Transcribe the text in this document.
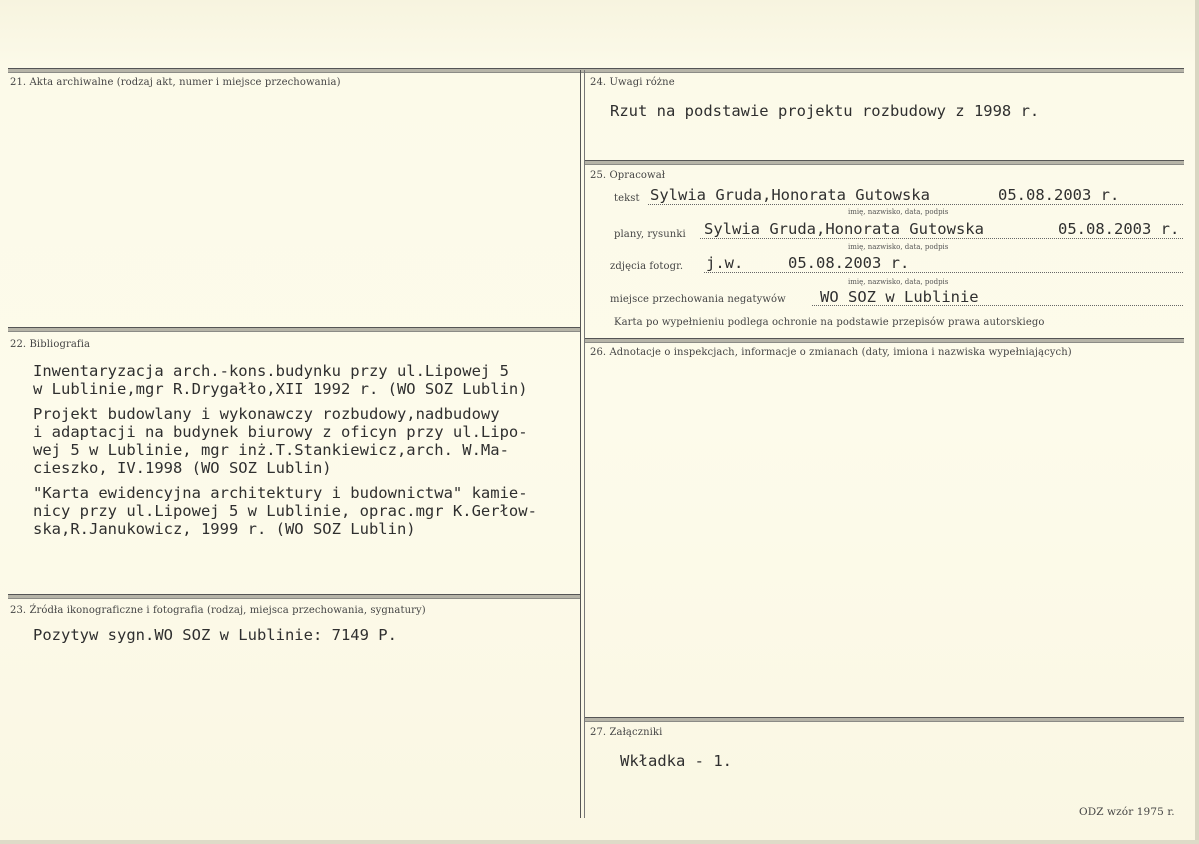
21. Akta archiwalne (rodzaj akt, numer i miejsce przechowania)
22. Bibliografia
Inwentaryzacja arch.-kons.budynku przy ul.Lipowej 5
w Lublinie,mgr R.Drygałło,XII 1992 r. (WO SOZ Lublin)
Projekt budowlany i wykonawczy rozbudowy,nadbudowy
i adaptacji na budynek biurowy z oficyn przy ul.Lipo-
wej 5 w Lublinie, mgr inż.T.Stankiewicz,arch. W.Ma-
cieszko, IV.1998 (WO SOZ Lublin)
"Karta ewidencyjna architektury i budownictwa" kamie-
nicy przy ul.Lipowej 5 w Lublinie, oprac.mgr K.Gerłow-
ska,R.Janukowicz, 1999 r. (WO SOZ Lublin)
23. Źródła ikonograficzne i fotografia (rodzaj, miejsca przechowania, sygnatury)
Pozytyw sygn.WO SOZ w Lublinie: 7149 P.
24. Uwagi różne
Rzut na podstawie projektu rozbudowy z 1998 r.
25. Opracował
tekst Sylwia Gruda,Honorata Gutowska	05.08.2003 r.
imię, nazwisko, data, podpis
plany, rysunki Sylwia Gruda,Honorata Gutowska	05.08.2003 r.
imię, nazwisko, data, podpis
zdjęcia fotogr. j.w.	05.08.2003 r.
imię, nazwisko, data, podpis
miejsce przechowania negatywów WO SOZ w Lublinie
Karta po wypełnieniu podlega ochronie na podstawie przepisów prawa autorskiego
26. Adnotacje o inspekcjach, informacje o zmianach (daty, imiona i nazwiska wypełniających)
27. Załączniki
Wkładka - 1.
ODZ wzór 1975 r.
